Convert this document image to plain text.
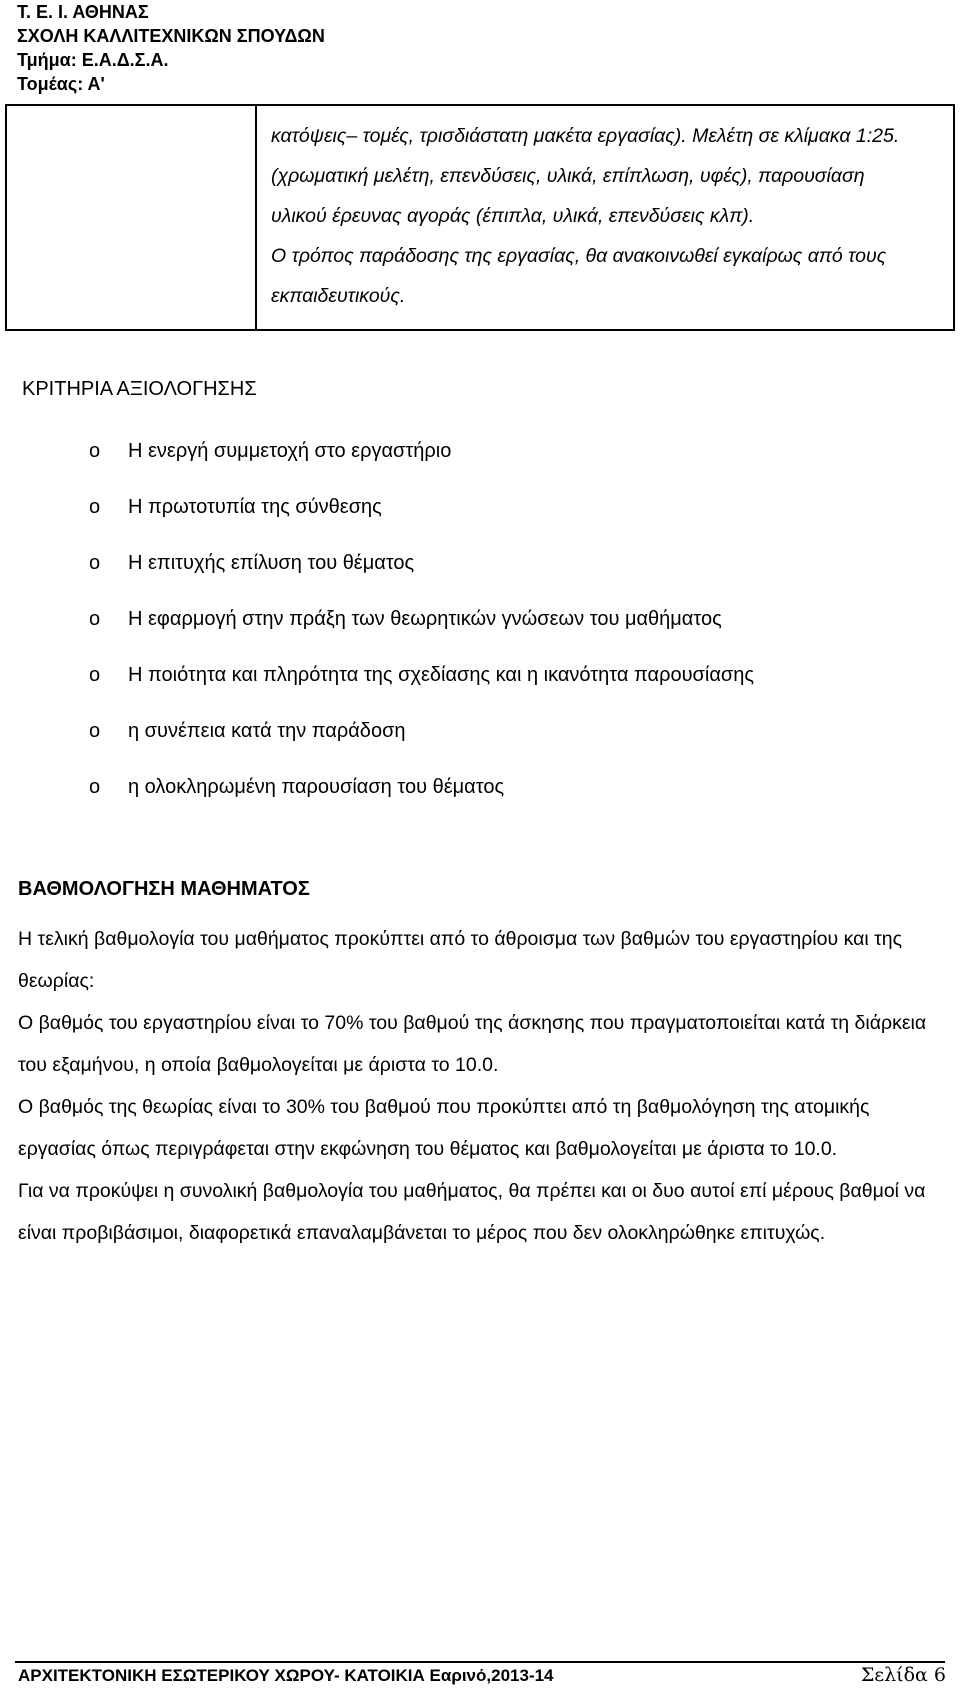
Τ. Ε. Ι. ΑΘΗΝΑΣ
ΣΧΟΛΗ ΚΑΛΛΙΤΕΧΝΙΚΩΝ ΣΠΟΥΔΩΝ
Τμήμα: Ε.Α.Δ.Σ.Α.
Τομέας: Α'
κατόψεις– τομές, τρισδιάστατη μακέτα εργασίας). Μελέτη σε κλίμακα 1:25.
(χρωματική μελέτη, επενδύσεις, υλικά, επίπλωση, υφές), παρουσίαση
υλικού έρευνας αγοράς (έπιπλα, υλικά, επενδύσεις κλπ).
Ο τρόπος παράδοσης της εργασίας, θα ανακοινωθεί εγκαίρως από τους
εκπαιδευτικούς.
ΚΡΙΤΗΡΙΑ ΑΞΙΟΛΟΓΗΣΗΣ
o Η ενεργή συμμετοχή στο εργαστήριο
o Η πρωτοτυπία της σύνθεσης
o Η επιτυχής επίλυση του θέματος
o Η εφαρμογή στην πράξη των θεωρητικών γνώσεων του μαθήματος
o Η ποιότητα και πληρότητα της σχεδίασης και η ικανότητα παρουσίασης
o η συνέπεια κατά την παράδοση
o η ολοκληρωμένη παρουσίαση του θέματος
ΒΑΘΜΟΛΟΓΗΣΗ ΜΑΘΗΜΑΤΟΣ

Η τελική βαθμολογία του μαθήματος προκύπτει από το άθροισμα των βαθμών του εργαστηρίου και της θεωρίας:

Ο βαθμός του εργαστηρίου είναι το 70% του βαθμού της άσκησης που πραγματοποιείται κατά τη διάρκεια του εξαμήνου, η οποία βαθμολογείται με άριστα το 10.0.

Ο βαθμός της θεωρίας είναι το 30% του βαθμού που προκύπτει από τη βαθμολόγηση της ατομικής εργασίας όπως περιγράφεται στην εκφώνηση του θέματος και βαθμολογείται με άριστα το 10.0.

Για να προκύψει η συνολική βαθμολογία του μαθήματος, θα πρέπει και οι δυο αυτοί επί μέρους βαθμοί να είναι προβιβάσιμοι, διαφορετικά επαναλαμβάνεται το μέρος που δεν ολοκληρώθηκε επιτυχώς.

ΑΡΧΙΤΕΚΤΟΝΙΚΗ ΕΣΩΤΕΡΙΚΟΥ ΧΩΡΟΥ- ΚΑΤΟΙΚΙΑ Εαρινό,2013-14	Σελίδα 6
